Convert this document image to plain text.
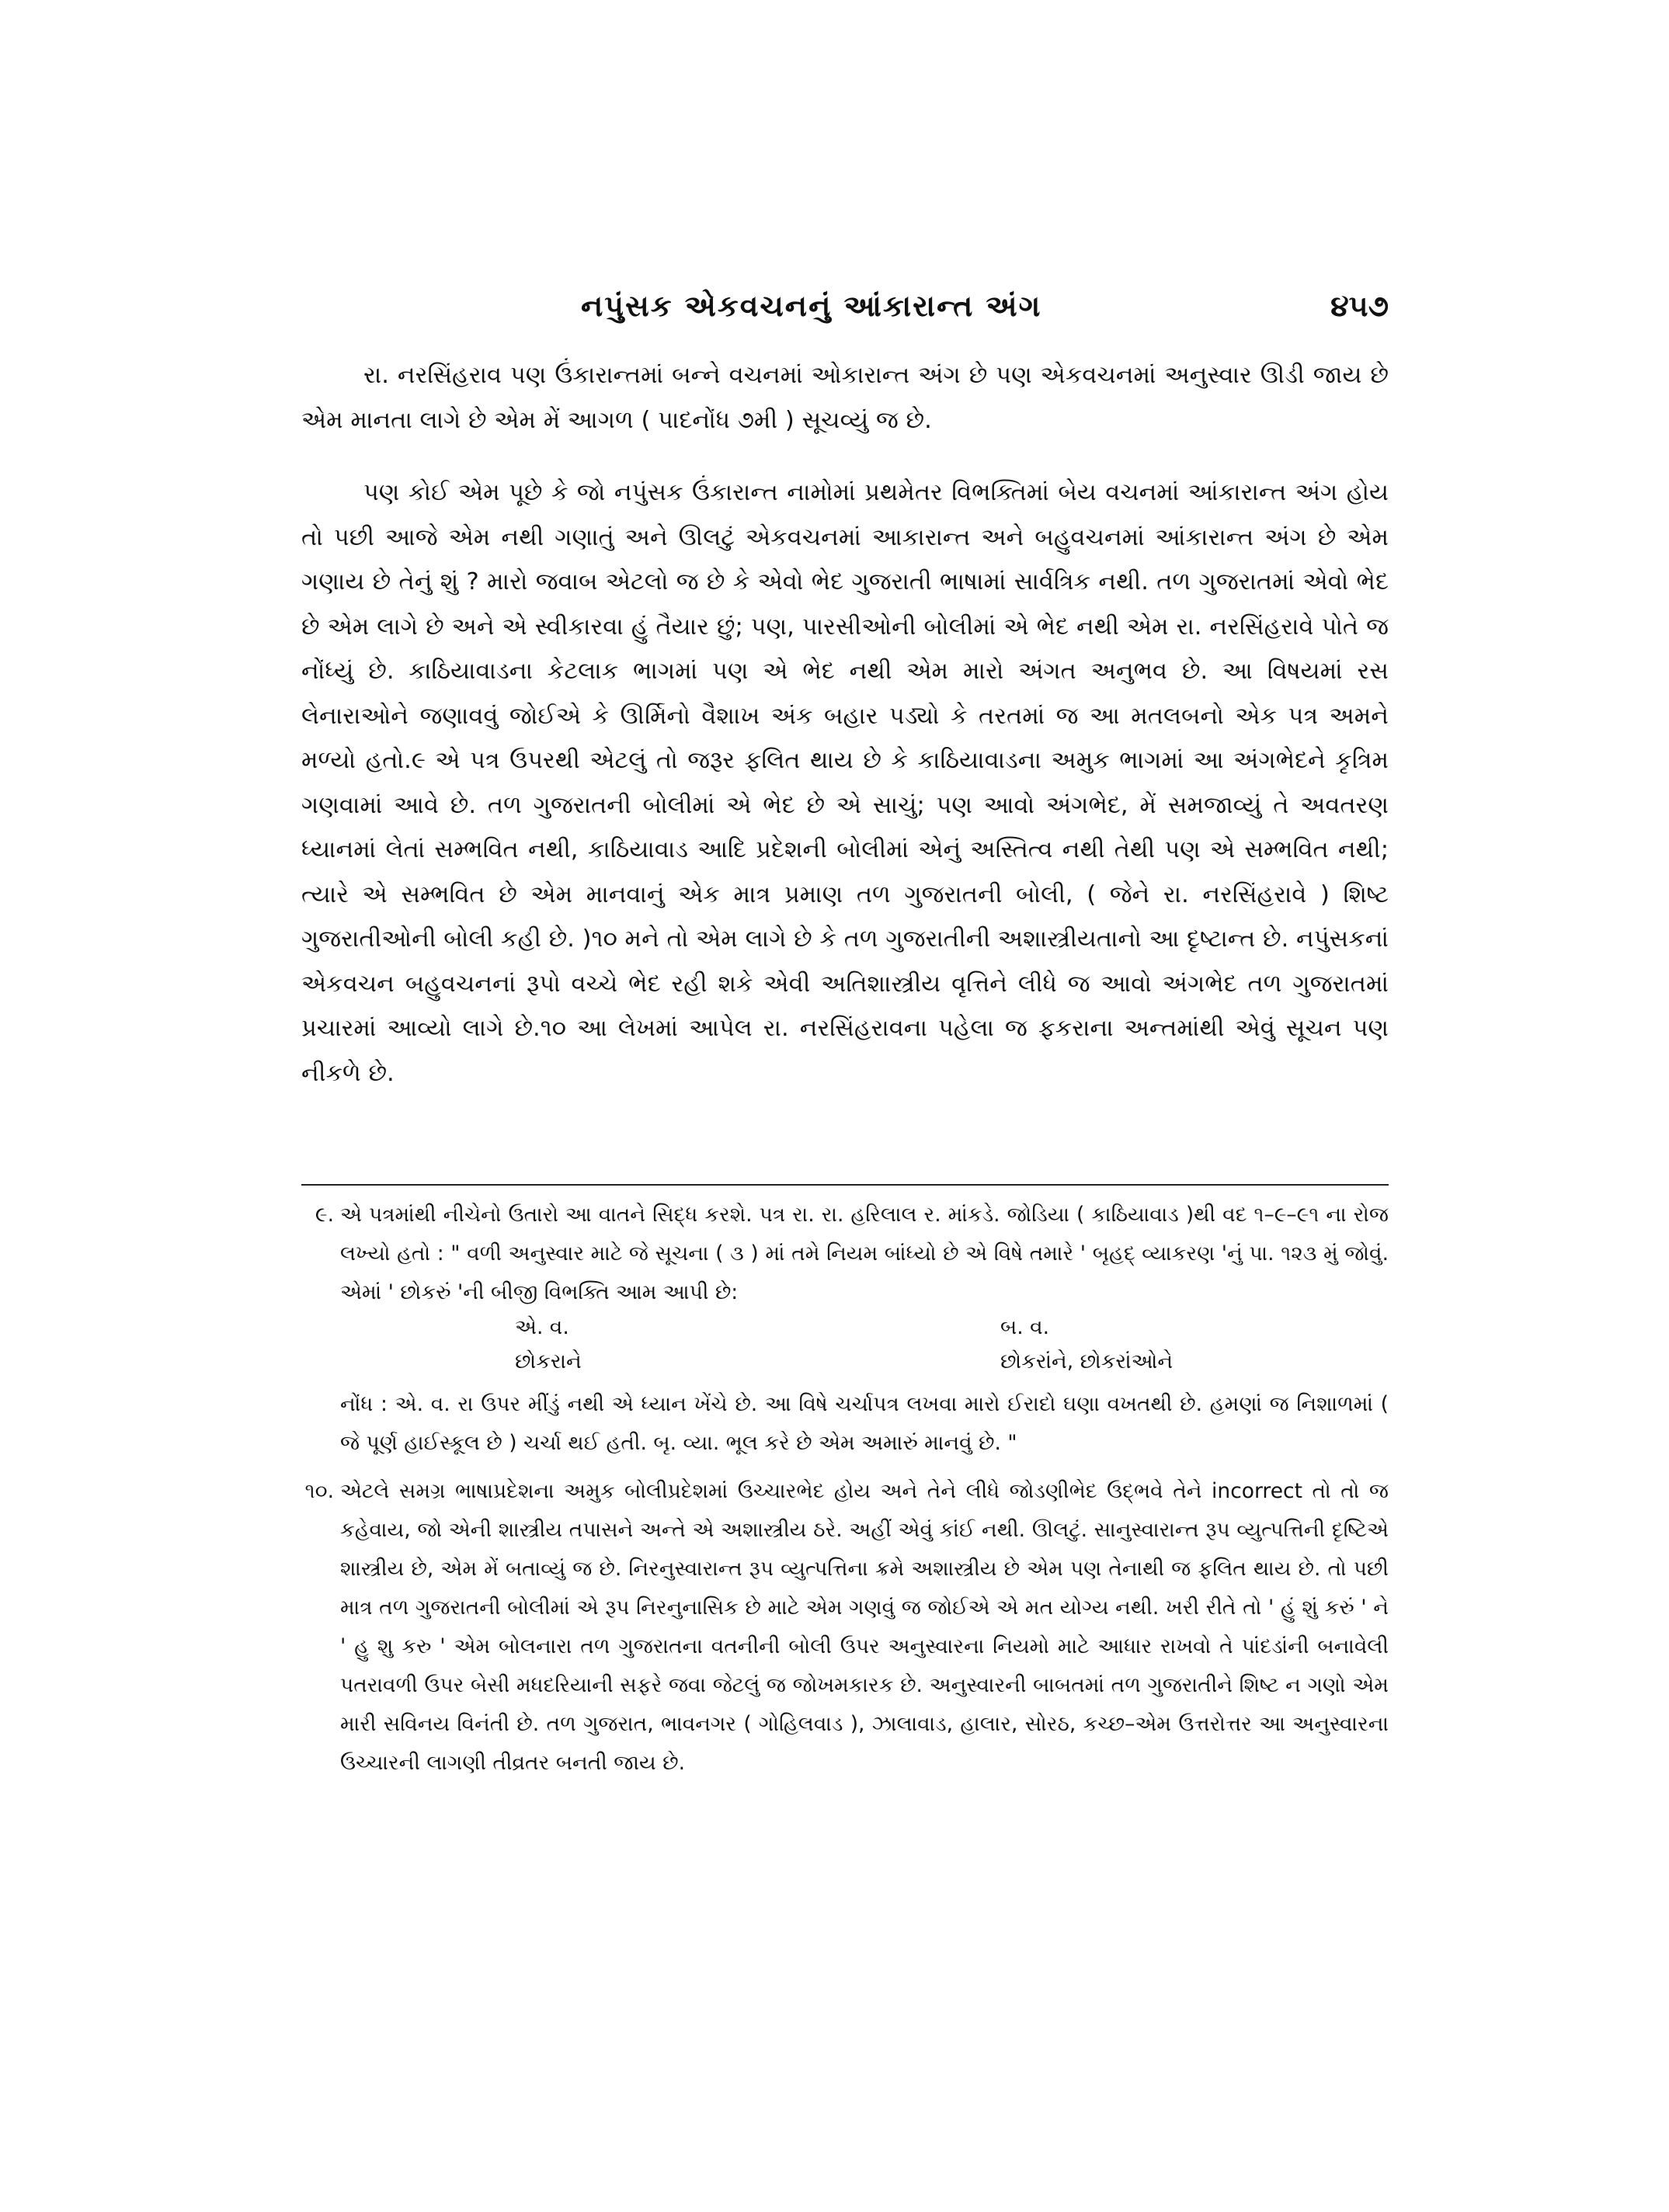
નપુંસક એકવચનનું આંકારાન્ત અંગ	૪૫૭

રા. નરસિંહરાવ પણ ઉંકારાન્તમાં બન્ને વચનમાં ઓકારાન્ત અંગ છે પણ એકવચનમાં અનુસ્વાર ઊડી જાય છે એમ માનતા લાગે છે એમ મેં આગળ ( પાદનોંધ ૭મી ) સૂચવ્યું જ છે.

પણ કોઈ એમ પૂછે કે જો નપુંસક ઉંકારાન્ત નામોમાં પ્રથમેતર વિભક્તિમાં બેય વચનમાં આંકારાન્ત અંગ હોય તો પછી આજે એમ નથી ગણાતું અને ઊલટું એકવચનમાં આકારાન્ત અને બહુવચનમાં આંકારાન્ત અંગ છે એમ ગણાય છે તેનું શું ? મારો જવાબ એટલો જ છે કે એવો ભેદ ગુજરાતી ભાષામાં સાર્વત્રિક નથી. તળ ગુજરાતમાં એવો ભેદ છે એમ લાગે છે અને એ સ્વીકારવા હું તૈયાર છું; પણ, પારસીઓની બોલીમાં એ ભેદ નથી એમ રા. નરસિંહરાવે પોતે જ નોંધ્યું છે. કાઠિયાવાડના કેટલાક ભાગમાં પણ એ ભેદ નથી એમ મારો અંગત અનુભવ છે. આ વિષયમાં રસ લેનારાઓને જણાવવું જોઈએ કે ઊર્મિનો વૈશાખ અંક બહાર પડ્યો કે તરતમાં જ આ મતલબનો એક પત્ર અમને મળ્યો હતો.૯ એ પત્ર ઉપરથી એટલું તો જરૂર ફલિત થાય છે કે કાઠિયાવાડના અમુક ભાગમાં આ અંગભેદને કૃત્રિમ ગણવામાં આવે છે. તળ ગુજરાતની બોલીમાં એ ભેદ છે એ સાચું; પણ આવો અંગભેદ, મેં સમજાવ્યું તે અવતરણ ધ્યાનમાં લેતાં સમ્ભવિત નથી, કાઠિયાવાડ આદિ પ્રદેશની બોલીમાં એનું અસ્તિત્વ નથી તેથી પણ એ સમ્ભવિત નથી; ત્યારે એ સમ્ભવિત છે એમ માનવાનું એક માત્ર પ્રમાણ તળ ગુજરાતની બોલી, ( જેને રા. નરસિંહરાવે ) શિષ્ટ ગુજરાતીઓની બોલી કહી છે. )૧૦ મને તો એમ લાગે છે કે તળ ગુજરાતીની અશાસ્ત્રીયતાનો આ દૃષ્ટાન્ત છે. નપુંસકનાં એકવચન બહુવચનનાં રૂપો વચ્ચે ભેદ રહી શકે એવી અતિશાસ્ત્રીય વૃત્તિને લીધે જ આવો અંગભેદ તળ ગુજરાતમાં પ્રચારમાં આવ્યો લાગે છે.૧૦ આ લેખમાં આપેલ રા. નરસિંહરાવના પહેલા જ ફકરાના અન્તમાંથી એવું સૂચન પણ નીકળે છે.

૯. એ પત્રમાંથી નીચેનો ઉતારો આ વાતને સિદ્ધ કરશે. પત્ર રા. રા. હરિલાલ ર. માંકડે. જોડિયા ( કાઠિયાવાડ )થી વદ ૧–૯–૯૧ ના રોજ લખ્યો હતો : " વળી અનુસ્વાર માટે જે સૂચના ( ૩ ) માં તમે નિયમ બાંધ્યો છે એ વિષે તમારે ' બૃહદ્ વ્યાકરણ 'નું પા. ૧૨૩ મું જોવું. એમાં ' છોકરું 'ની બીજી વિભક્તિ આમ આપી છે:
એ. વ.	બ. વ.
છોકરાને	છોકરાંને, છોકરાંઓને
નોંધ : એ. વ. રા ઉપર મીંડું નથી એ ધ્યાન ખેંચે છે. આ વિષે ચર્ચાપત્ર લખવા મારો ઈરાદો ઘણા વખતથી છે. હમણાં જ નિશાળમાં ( જે પૂર્ણ હાઈસ્કૂલ છે ) ચર્ચા થઈ હતી. બૃ. વ્યા. ભૂલ કરે છે એમ અમારું માનવું છે. "
૧૦. એટલે સમગ્ર ભાષાપ્રદેશના અમુક બોલીપ્રદેશમાં ઉચ્ચારભેદ હોય અને તેને લીધે જોડણીભેદ ઉદ્ભવે તેને incorrect તો તો જ કહેવાય, જો એની શાસ્ત્રીય તપાસને અન્તે એ અશાસ્ત્રીય ઠરે. અહીં એવું કાંઈ નથી. ઊલટું. સાનુસ્વારાન્ત રૂપ વ્યુત્પત્તિની દૃષ્ટિએ શાસ્ત્રીય છે, એમ મેં બતાવ્યું જ છે. નિરનુસ્વારાન્ત રૂપ વ્યુત્પત્તિના ક્રમે અશાસ્ત્રીય છે એમ પણ તેનાથી જ ફલિત થાય છે. તો પછી માત્ર તળ ગુજરાતની બોલીમાં એ રૂપ નિરનુનાસિક છે માટે એમ ગણવું જ જોઈએ એ મત યોગ્ય નથી. ખરી રીતે તો ' હું શું કરું ' ને ' હુ શુ કરુ ' એમ બોલનારા તળ ગુજરાતના વતનીની બોલી ઉપર અનુસ્વારના નિયમો માટે આધાર રાખવો તે પાંદડાંની બનાવેલી પતરાવળી ઉપર બેસી મધદરિયાની સફરે જવા જેટલું જ જોખમકારક છે. અનુસ્વારની બાબતમાં તળ ગુજરાતીને શિષ્ટ ન ગણો એમ મારી સવિનય વિનંતી છે. તળ ગુજરાત, ભાવનગર ( ગોહિલવાડ ), ઝાલાવાડ, હાલાર, સોરઠ, કચ્છ–એમ ઉત્તરોત્તર આ અનુસ્વારના ઉચ્ચારની લાગણી તીવ્રતર બનતી જાય છે.
